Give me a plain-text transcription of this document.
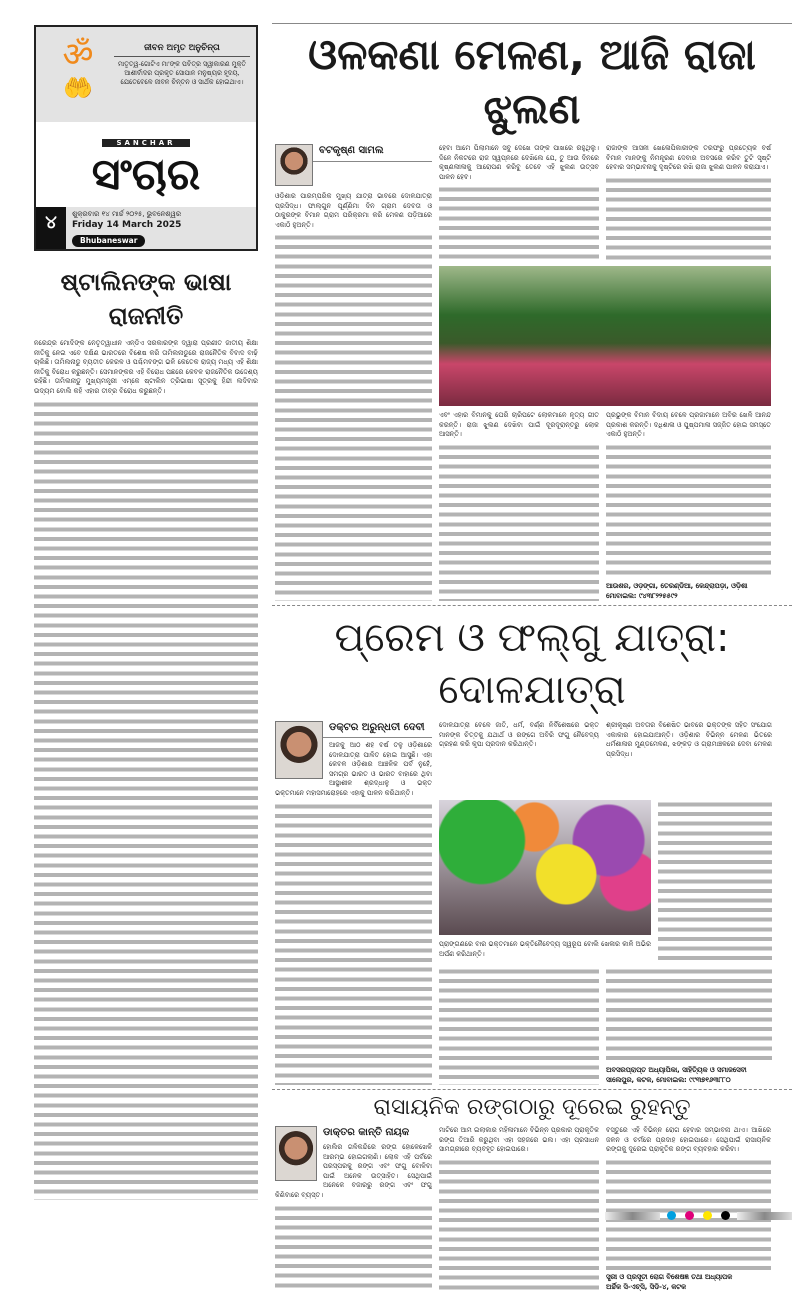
ॐ
🤲
ଜୀବନ ଅମୃତ ଅନୁଚିନ୍ତା

ମାତୃତ୍ୱ-ଗୋଟିଏ ମା'ଙ୍କ ପବିତ୍ର ସ୍ୱୀକାରଣ ମୁକ୍ତି ଆଶୀର୍ବାଦର ପ୍ରକୃତ ସୋପାନ ମନୁଷ୍ୟର ହୃଦୟ, ଯେତେବେଳେ ଜୀବନ ଚିନ୍ତନ ଓ ସାର୍ଥକ ହୋଇଥାଏ।

SANCHAR
ସଂଚାର
୪	ଶୁକ୍ରବାର ୧୪ ମାର୍ଚ୍ଚ ୨୦୨୫, ଭୁବନେଶ୍ୱର
Friday 14 March 2025
Bhubaneswar
ଷ୍ଟାଲିନଙ୍କ ଭାଷା ରାଜନୀତି
ନରେନ୍ଦ୍ର ମୋଦିଙ୍କ ନେତୃତ୍ୱାଧୀନ ଏନ୍‌ଡିଏ ସରକାରଙ୍କ ଦ୍ୱାରା ପ୍ରଣୀତ ଜାତୀୟ ଶିକ୍ଷା ନୀତିକୁ ନେଇ ଏବେ ଦକ୍ଷିଣ ଭାରତରେ ବିଶେଷ କରି ତାମିଲନାଡୁରେ ରାଜନୈତିକ ବିବାଦ ବାଢ଼ି ଚାଲିଛି। ତାମିଲନାଡୁ ବ୍ୟତୀତ କେରଳ ଓ ପଶ୍ଚିମବଙ୍ଗ ଭଳି କେତେକ ରାଜ୍ୟ ମଧ୍ୟ ଏହି ଶିକ୍ଷା ନୀତିକୁ ବିରୋଧ କରୁଛନ୍ତି। ସେମାନଙ୍କର ଏହି ବିରୋଧ ପଛରେ କେବଳ ରାଜନୈତିକ ଉଦ୍ଦେଶ୍ୟ ରହିଛି। ତାମିଲନାଡୁ ମୁଖ୍ୟମନ୍ତ୍ରୀ ଏମ୍‌କେ ଷ୍ଟାଲିନ ତ୍ରିଭାଷା ସୂତ୍ରକୁ ହିନ୍ଦୀ ଲଦିବାର ଉଦ୍ୟମ ବୋଲି କହି ଏହାର ତୀବ୍ର ବିରୋଧ କରୁଛନ୍ତି।
ଓଳକଣା ମେଳଣ, ଆଜି ରାଜା ଝୁଲଣ
ବଟକୃଷ୍ଣ ସାମଲ
ଓଡ଼ିଶାର ପାରମ୍ପରିକ ମୁଖ୍ୟ ଯାତ୍ରା ଭାବରେ ଦୋଳଯାତ୍ରା ପ୍ରସିଦ୍ଧ। ଫାଲ୍‌ଗୁନ ପୂର୍ଣ୍ଣିମା ଦିନ ଗ୍ରାମ ଦେବତା ଓ ଠାକୁରଙ୍କ ବିମାନ ଗ୍ରାମ ପରିକ୍ରମା କରି ମେଳଣ ପଡ଼ିଆରେ ଏକାଠି ହୁଅନ୍ତି।
ହେବା ଆମେ ପିଲାମାନେ ସବୁ ଦେଖେ ତାଙ୍କ ପାଖରେ ରହୁଥିଲୁ। ଦିନେ ନିକଟରେ ରାଜ ସ୍ୱପ୍ନରେ ଦେଖିଲେ ଯେ, ତୁ ଆଉ ଦିନରେ କୃଷ୍ଣଲୀଳାକୁ ଆରୋପଣ କରିବୁ ତେବେ ଏହି ଝୁଲଣ ଉତ୍ସବ ପାଳନ ହେବ।
ରାଜାଙ୍କ ଆସନୀ ଖେଳୋପିକାରୀଙ୍କ ତରଫରୁ ପ୍ରତ୍ୟେକ ବର୍ଷ ବିମାନ ମାନଙ୍କୁ ନିମନ୍ତ୍ରଣ ଦେବାର ଅବସରେ କରିବ ତୁଟି ସୃଷ୍ଟି ହେବାର ସମ୍ଭାବନାକୁ ଦୃଷ୍ଟିରେ ରଖି ରାଜା ଝୁଲଣ ପାଳନ କରାଯାଏ।
ଏବଂ ଏହାର ବିମାନକୁ ଘେରି ଚାରିପଟେ ଲୋକମାନେ ନୃତ୍ୟ ଗୀତ କରନ୍ତି। ରାଜା ଝୁଲଣ ଦେଖିବା ପାଇଁ ଦୂରଦୂରାନ୍ତରୁ ଲୋକ ଆସନ୍ତି।
ପ୍ରଭୁଙ୍କ ବିମାନ ବିଦାୟ ବେଳେ ପ୍ରଜାମାନେ ଅବିର ଖେଳି ଆନନ୍ଦ ପ୍ରକାଶ କରନ୍ତି। ଦଧିଶାଳା ଓ ପୁଷ୍ପମାଳା ସଜ୍ଜିତ ହୋଇ ସମସ୍ତେ ଏକାଠି ହୁଅନ୍ତି।
ଆଉଶର, ଓଡ଼ଙ୍ଗା, ତେରଣ୍ଡିଆ, କେନ୍ଦ୍ରାପଡ଼ା, ଓଡ଼ିଶା
ମୋବାଇଲ: ୯୪୩୮୨୨୫୫୯୨
ପ୍ରେମ ଓ ଫଲ୍‌ଗୁ ଯାତ୍ରା: ଦୋଳଯାତ୍ରା
ଡକ୍ଟର ଅରୁନ୍ଧତୀ ଦେବୀ
ଆଜକୁ ଆଠ ଶହ ବର୍ଷ ତଳୁ ଓଡ଼ିଶାରେ ଦୋଳଯାତ୍ରା ପାଳିତ ହୋଇ ଆସୁଛି। ଏହା କେବଳ ଓଡ଼ିଶାର ଆଞ୍ଚଳିକ ପର୍ବ ନୁହେଁ, ସମଗ୍ର ଭାରତ ଓ ଭାରତ ବାହାରେ ଥିବା ଆସ୍ଥାଶୀଳ ଶ୍ରଦ୍ଧାଳୁ ଓ ଭକ୍ତ ଭକ୍ତମାନେ ମହାସମାରୋହରେ ଏହାକୁ ପାଳନ କରିଥାନ୍ତି।
ଦୋଳଯାତ୍ରା ବେଳେ ଜାତି, ଧର୍ମ, ବର୍ଣ୍ଣ ନିର୍ବିଶେଷରେ ଭକ୍ତ ମାନଙ୍କ ଚିତ୍ତକୁ ଯଥାର୍ଥ ଓ ରଙ୍ଗେ ଅବିରି ଫଗୁ ନୈବେଦ୍ୟ ଗ୍ରହଣ କରି କୃପା ପ୍ରଦାନ କରିଥାନ୍ତି।
ଶ୍ରୀକୃଷ୍ଣ ଅବତାର ବିଶେଷିତ ଭାବରେ ଭକ୍ତଙ୍କ ସହିତ ସଂଯୋଗ ଏକାକାର ହୋଇଯାଆନ୍ତି। ଓଡ଼ିଶାର ବିଭିନ୍ନ ମେଳଣ ଭିତରେ ଧର୍ମଶାଳାର ମୁଣ୍ଡମେଳଣ, ଝଙ୍କଡ଼ ଓ ଗ୍ରାମାଞ୍ଚଳରେ ଦେବା ମେଳଣ ପ୍ରସିଦ୍ଧ।
ପ୍ରାଙ୍ଗଣରେ ବାର ଭକ୍ତମାନେ ଭକ୍ତିନୈବେଦ୍ୟ ସ୍ୱରୂପ ବୋଲି ଖେଳାର କାଳି ଅଭିର ଅର୍ପଣ କରିଥାନ୍ତି।
ଅବସରପ୍ରାପ୍ତ ଅଧ୍ୟାପିକା, ସାହିତ୍ୟିକ ଓ ସମାଜସେବୀ
ସାଲେପୁର, କଟକ, ମୋବାଇଲ: ୯୯୩୭୧୬୩୮୮୦
ରାସାୟନିକ ରଙ୍ଗଠାରୁ ଦୂରେଇ ରୁହନ୍ତୁ
ଡାକ୍ତର କାନ୍ତି ନାୟକ
ହୋଲିର ଗଳିକନ୍ଦିରେ ରଙ୍ଗ ହୋଳେଖେଳି ଆରମ୍ଭ ହୋଇଗଲାଣି। ଲୋକ ଏହି ପର୍ବରେ ପରସ୍ପରକୁ ରଙ୍ଗ ଏବଂ ଫଗୁ ବୋଳିବା ପାଇଁ ଅନେକ ଉତ୍ସାହିତ। ସେଥିପାଇଁ ଅନେକେ ବଜାରରୁ ରଙ୍ଗ ଏବଂ ଫଗୁ କିଣିବାରେ ବ୍ୟସ୍ତ।
ମାଟିରେ ଆମ ଇଲାକାର ମହିଳାମାନେ ବିଭିନ୍ନ ପ୍ରକାର ପ୍ରାକୃତିକ ରଙ୍ଗ ତିଆରି କରୁଥିବା ଏହା ସହଜରେ ଭଲ। ଏହା ପ୍ରସାଧନ ସାମଗ୍ରୀରେ ବ୍ୟବହୃତ ହୋଇପାରେ।
ବସ୍ତୁରେ ଏହି ବିଭିନ୍ନ ରୋଗ ହେବାର ସମ୍ଭାବନା ଥାଏ। ଆଖିରେ ଜଳନ ଓ ଚର୍ମରେ ପ୍ରଦାହ ହୋଇପାରେ। ସେଥିପାଇଁ ରାସାୟନିକ ରଙ୍ଗକୁ ଦୂରେଇ ପ୍ରାକୃତିକ ରଙ୍ଗ ବ୍ୟବହାର କରିବା।
ସ୍ତ୍ରୀ ଓ ପ୍ରସୂତୀ ରୋଗ ବିଶେଷଜ୍ଞ ତଥା ଅଧ୍ୟାପକ
ଅର୍ଚ୍ଚିକ ସି-ଏଚ୍‌ସି, ସିଡି-୪, କଟକ
